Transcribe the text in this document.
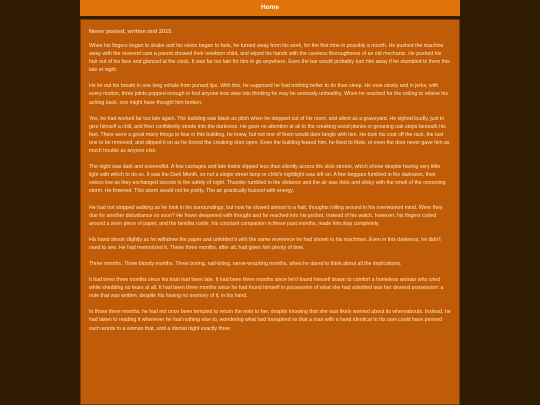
Home

Never posted, written mid 2015

When his fingers began to shake and his vision began to fade, he turned away from his work, for the first time in possibly a month. He pushed the machine away with the reverent care a parent showed their newborn child, and wiped his hands with the careless thoroughness of an old mechanic. He pushed his hair out of his face and glanced at the clock. It was far too late for him to go anywhere. Even the bar would probably turn him away if he stumbled to them this late at night.

He let out his breath in one long exhale from pursed lips. With this, he supposed he had nothing better to do than sleep. He rose slowly and in jerks; with every motion, three joints popped enough to fool anyone less wise into thinking he may be seriously unhealthy. When he reached for the ceiling to relieve his aching back, one might have thought him broken.

Yes, he had worked far too late again. The building was black as pitch when he stepped out of his room, and silent as a graveyard. He sighed loudly, just to give himself a chill, and then confidently strode into the darkness. He gave no attention at all to the creaking wood planks or groaning oak steps beneath his feet. There were a great many things to fear in this building, he knew, but not one of them would dare tangle with him. He took his coat off the rack, the last one to be removed, and slipped it on as he forced the creaking door open. Even the building feared him, he liked to think, or even the door never gave him as much trouble as anyone else.

The night was dark and uneventful. A few carriages and late trains slipped less than silently across the slick streets, which shone despite having very little light with which to do so. It was the Dark Month, so not a single street lamp or child's nightlight was left on. A few beggars fumbled in the darkness, their voices low as they exchanged secrets in the safety of night. Thunder rumbled in the distance and the air was thick and sticky with the smell of the oncoming storm. He frowned. This storm would not be pretty. The air practically buzzed with energy.

He had not stopped walking as he took in his surroundings, but now he slowed almost to a halt, thoughts rolling around in his overworked mind. Were they due for another disturbance so soon? He frown deepened with thought and he reached into his pocket. Instead of his watch, however, his fingers curled around a worn piece of paper, and the familiar rustle, his constant companion in these past months, made him stop completely.

His hand shook slightly as he withdrew the paper and unfolded it with the same reverence he had shown to his machines. Even in this darkness, he didn't need to see. He had memorized it. These three months, after all, had given him plenty of time.

Three months. Three bloody months. Three boring, nail-biting, nerve-wracking months, when he dared to think about all the implications.

It had been three months since his train had been late. It had been three months since he'd found himself drawn to comfort a homeless woman who cried while shedding no tears at all. It had been three months since he had found himself in possession of what she had admitted was her dearest possession: a note that was written, despite his having no memory of it, in his hand.

In those three months, he had not once been tempted to return the note to her, despite knowing that she was likely worried about its whereabouts. Instead, he had taken to reading it whenever he had nothing else to, wondering what had transpired so that a man with a hand identical to his own could have penned such words to a woman that, until a dismal night exactly three
